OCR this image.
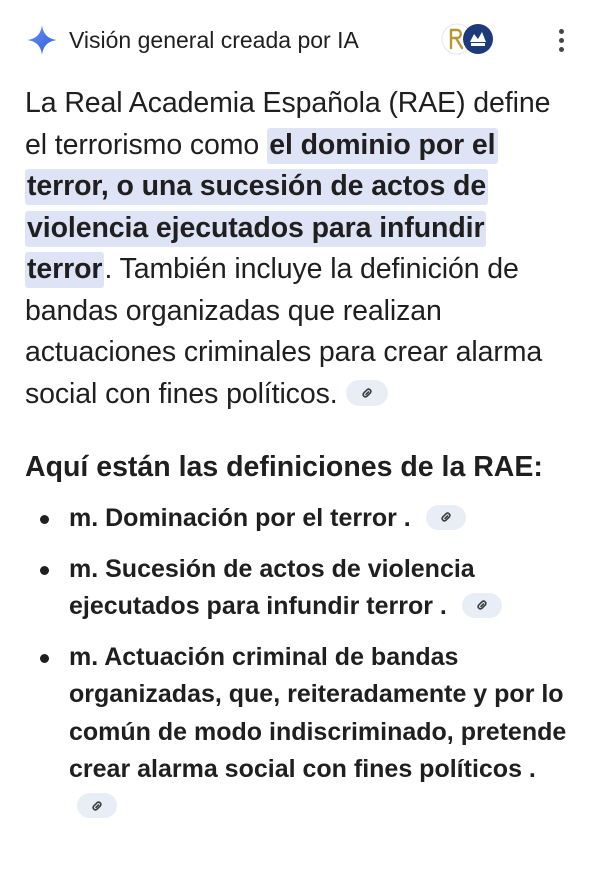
Visión general creada por IA

La Real Academia Española (RAE) define el terrorismo como el dominio por el terror, o una sucesión de actos de violencia ejecutados para infundir terror. También incluye la definición de bandas organizadas que realizan actuaciones criminales para crear alarma social con fines políticos.

Aquí están las definiciones de la RAE:
m. Dominación por el terror .
m. Sucesión de actos de violencia ejecutados para infundir terror .
m. Actuación criminal de bandas organizadas, que, reiteradamente y por lo común de modo indiscriminado, pretende crear alarma social con fines políticos .
